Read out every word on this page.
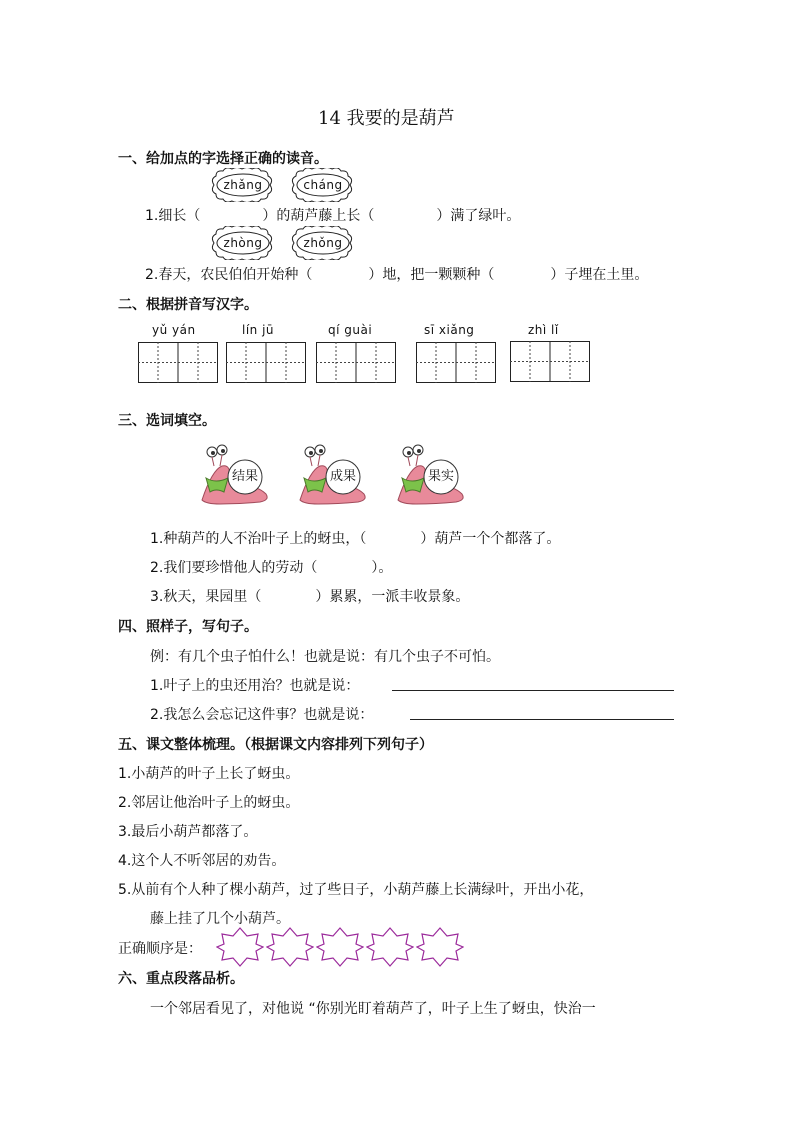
14 我要的是葫芦
一、给加点的字选择正确的读音。
zhǎng	cháng
1.细长（	）的葫芦藤上长（	）满了绿叶。
zhòng	zhǒng
2.春天，农民伯伯开始种（	）地，把一颗颗种（	）子埋在土里。
二、根据拼音写汉字。
yǔ yán	lín jū	qí guài	sī xiǎng	zhì lǐ
三、选词填空。
结果	成果	果实
1.种葫芦的人不治叶子上的蚜虫，（	）葫芦一个个都落了。
2.我们要珍惜他人的劳动（	）。
3.秋天，果园里（	）累累，一派丰收景象。
四、照样子，写句子。
例：有几个虫子怕什么！也就是说：有几个虫子不可怕。
1.叶子上的虫还用治？也就是说：
2.我怎么会忘记这件事？也就是说：
五、课文整体梳理。（根据课文内容排列下列句子）
1.小葫芦的叶子上长了蚜虫。
2.邻居让他治叶子上的蚜虫。
3.最后小葫芦都落了。
4.这个人不听邻居的劝告。
5.从前有个人种了棵小葫芦，过了些日子，小葫芦藤上长满绿叶，开出小花，
藤上挂了几个小葫芦。
正确顺序是：
六、重点段落品析。
一个邻居看见了，对他说 “你别光盯着葫芦了，叶子上生了蚜虫，快治一
